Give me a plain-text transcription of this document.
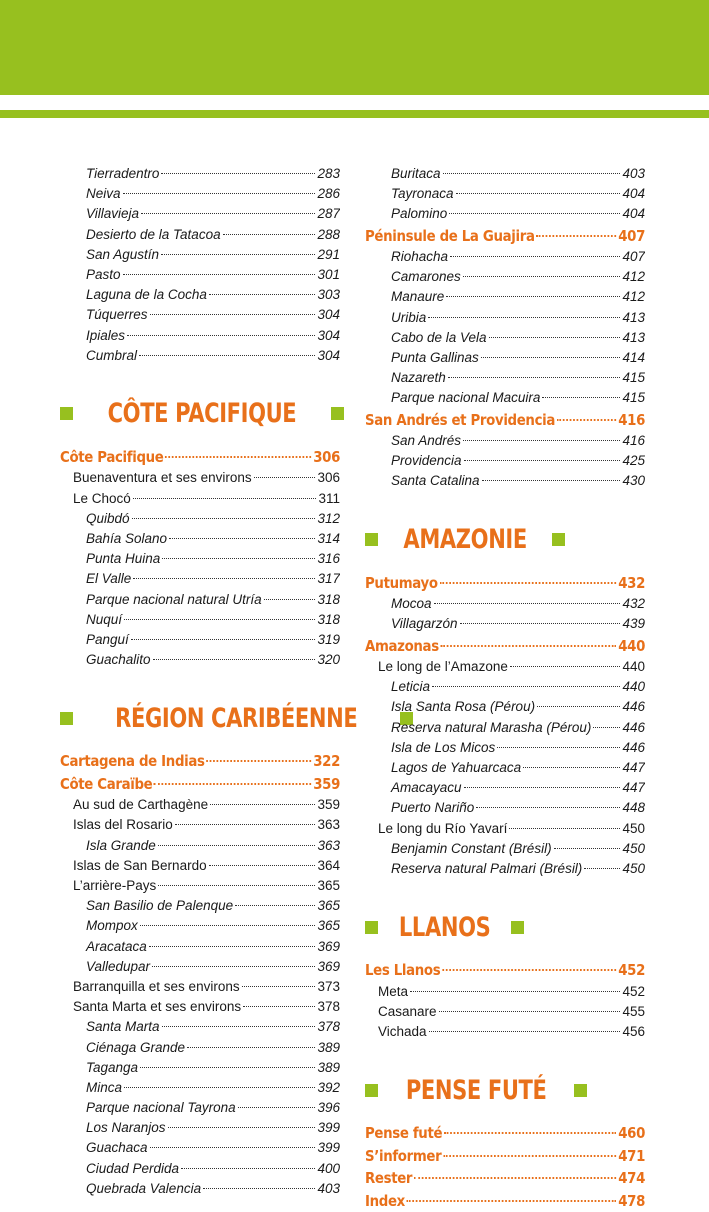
Tierradentro	283
Neiva	286
Villavieja	287
Desierto de la Tatacoa	288
San Agustín	291
Pasto	301
Laguna de la Cocha	303
Túquerres	304
Ipiales	304
Cumbral	304
CÔTE PACIFIQUE
Côte Pacifique	306
Buenaventura et ses environs	306
Le Chocó	311
Quibdó	312
Bahía Solano	314
Punta Huina	316
El Valle	317
Parque nacional natural Utría	318
Nuquí	318
Panguí	319
Guachalito	320
RÉGION CARIBÉENNE
Cartagena de Indias	322
Côte Caraïbe	359
Au sud de Carthagène	359
Islas del Rosario	363
Isla Grande	363
Islas de San Bernardo	364
L’arrière-Pays	365
San Basilio de Palenque	365
Mompox	365
Aracataca	369
Valledupar	369
Barranquilla et ses environs	373
Santa Marta et ses environs	378
Santa Marta	378
Ciénaga Grande	389
Taganga	389
Minca	392
Parque nacional Tayrona	396
Los Naranjos	399
Guachaca	399
Ciudad Perdida	400
Quebrada Valencia	403
Buritaca	403
Tayronaca	404
Palomino	404
Péninsule de La Guajira	407
Riohacha	407
Camarones	412
Manaure	412
Uribia	413
Cabo de la Vela	413
Punta Gallinas	414
Nazareth	415
Parque nacional Macuira	415
San Andrés et Providencia	416
San Andrés	416
Providencia	425
Santa Catalina	430
AMAZONIE
Putumayo	432
Mocoa	432
Villagarzón	439
Amazonas	440
Le long de l’Amazone	440
Leticia	440
Isla Santa Rosa (Pérou)	446
Reserva natural Marasha (Pérou) 446
Isla de Los Micos	446
Lagos de Yahuarcaca	447
Amacayacu	447
Puerto Nariño	448
Le long du Río Yavarí	450
Benjamin Constant (Brésil)	450
Reserva natural Palmari (Brésil)	450
LLANOS
Les Llanos	452
Meta	452
Casanare	455
Vichada	456
PENSE FUTÉ
Pense futé	460
S’informer	471
Rester	474
Index	478
